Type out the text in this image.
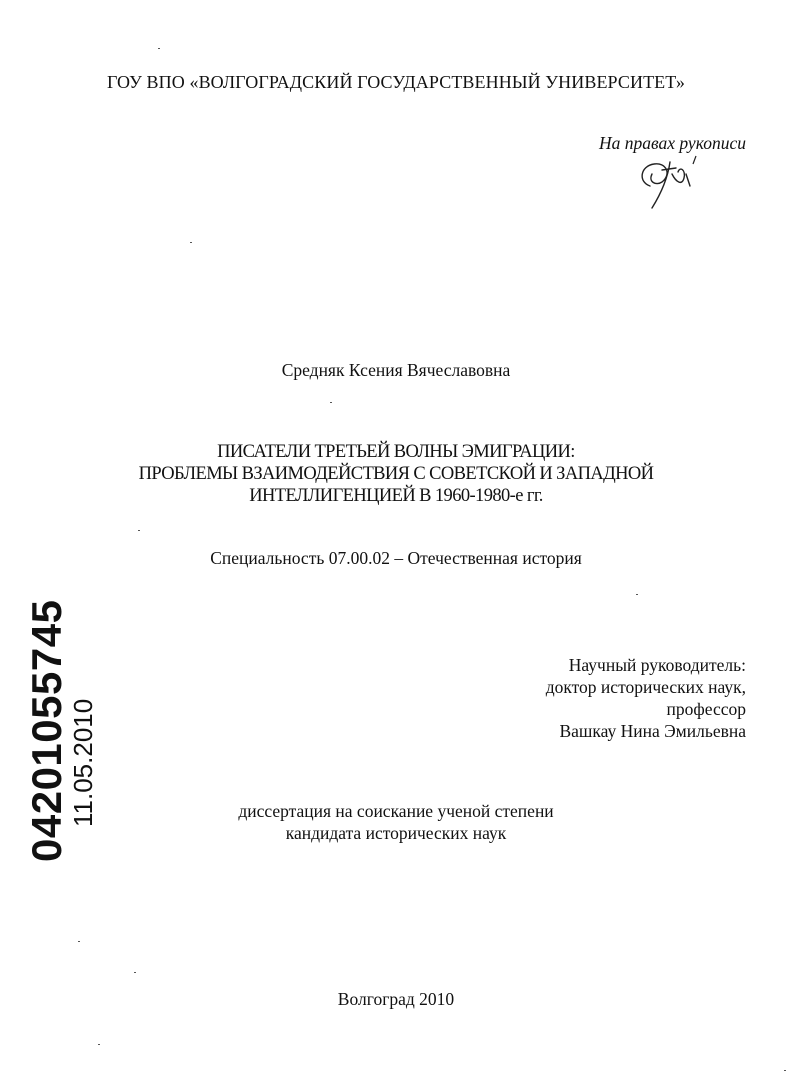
ГОУ ВПО «ВОЛГОГРАДСКИЙ ГОСУДАРСТВЕННЫЙ УНИВЕРСИТЕТ»
На правах рукописи
Средняк Ксения Вячеславовна
ПИСАТЕЛИ ТРЕТЬЕЙ ВОЛНЫ ЭМИГРАЦИИ:
ПРОБЛЕМЫ ВЗАИМОДЕЙСТВИЯ С СОВЕТСКОЙ И ЗАПАДНОЙ
ИНТЕЛЛИГЕНЦИЕЙ В 1960-1980-е гг.
Специальность 07.00.02 – Отечественная история
Научный руководитель:
доктор исторических наук,
профессор
Вашкау Нина Эмильевна
диссертация на соискание ученой степени
кандидата исторических наук
Волгоград 2010
04201055745
11.05.2010
